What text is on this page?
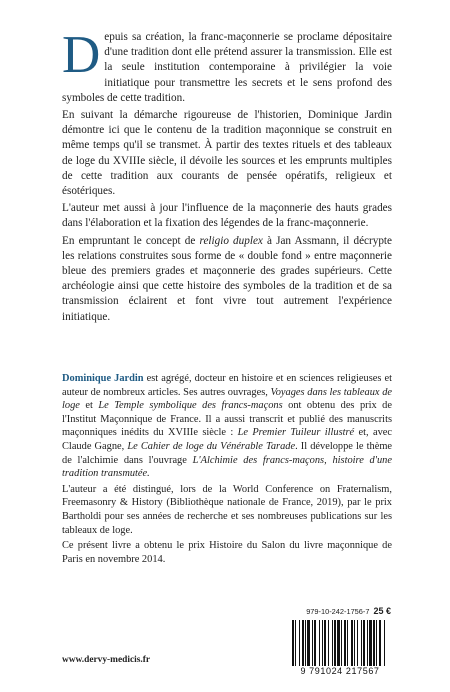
Depuis sa création, la franc-maçonnerie se proclame dépositaire d'une tradition dont elle prétend assurer la transmission. Elle est la seule institution contemporaine à privilégier la voie initiatique pour transmettre les secrets et le sens profond des symboles de cette tradition.

En suivant la démarche rigoureuse de l'historien, Dominique Jardin démontre ici que le contenu de la tradition maçonnique se construit en même temps qu'il se transmet. À partir des textes rituels et des tableaux de loge du XVIIIe siècle, il dévoile les sources et les emprunts multiples de cette tradition aux courants de pensée opératifs, religieux et ésotériques.

L'auteur met aussi à jour l'influence de la maçonnerie des hauts grades dans l'élaboration et la fixation des légendes de la franc-maçonnerie.

En empruntant le concept de religio duplex à Jan Assmann, il décrypte les relations construites sous forme de « double fond » entre maçonnerie bleue des premiers grades et maçonnerie des grades supérieurs. Cette archéologie ainsi que cette histoire des symboles de la tradition et de sa transmission éclairent et font vivre tout autrement l'expérience initiatique.

Dominique Jardin est agrégé, docteur en histoire et en sciences religieuses et auteur de nombreux articles. Ses autres ouvrages, Voyages dans les tableaux de loge et Le Temple symbolique des francs-maçons ont obtenu des prix de l'Institut Maçonnique de France. Il a aussi transcrit et publié des manuscrits maçonniques inédits du XVIIIe siècle : Le Premier Tuileur illustré et, avec Claude Gagne, Le Cahier de loge du Vénérable Tarade. Il développe le thème de l'alchimie dans l'ouvrage L'Alchimie des francs-maçons, histoire d'une tradition transmutée.

L'auteur a été distingué, lors de la World Conference on Fraternalism, Freemasonry & History (Bibliothèque nationale de France, 2019), par le prix Bartholdi pour ses années de recherche et ses nombreuses publications sur les tableaux de loge.

Ce présent livre a obtenu le prix Histoire du Salon du livre maçonnique de Paris en novembre 2014.

979-10-242-1756-7 25 €
www.dervy-medicis.fr
9 791024 217567
